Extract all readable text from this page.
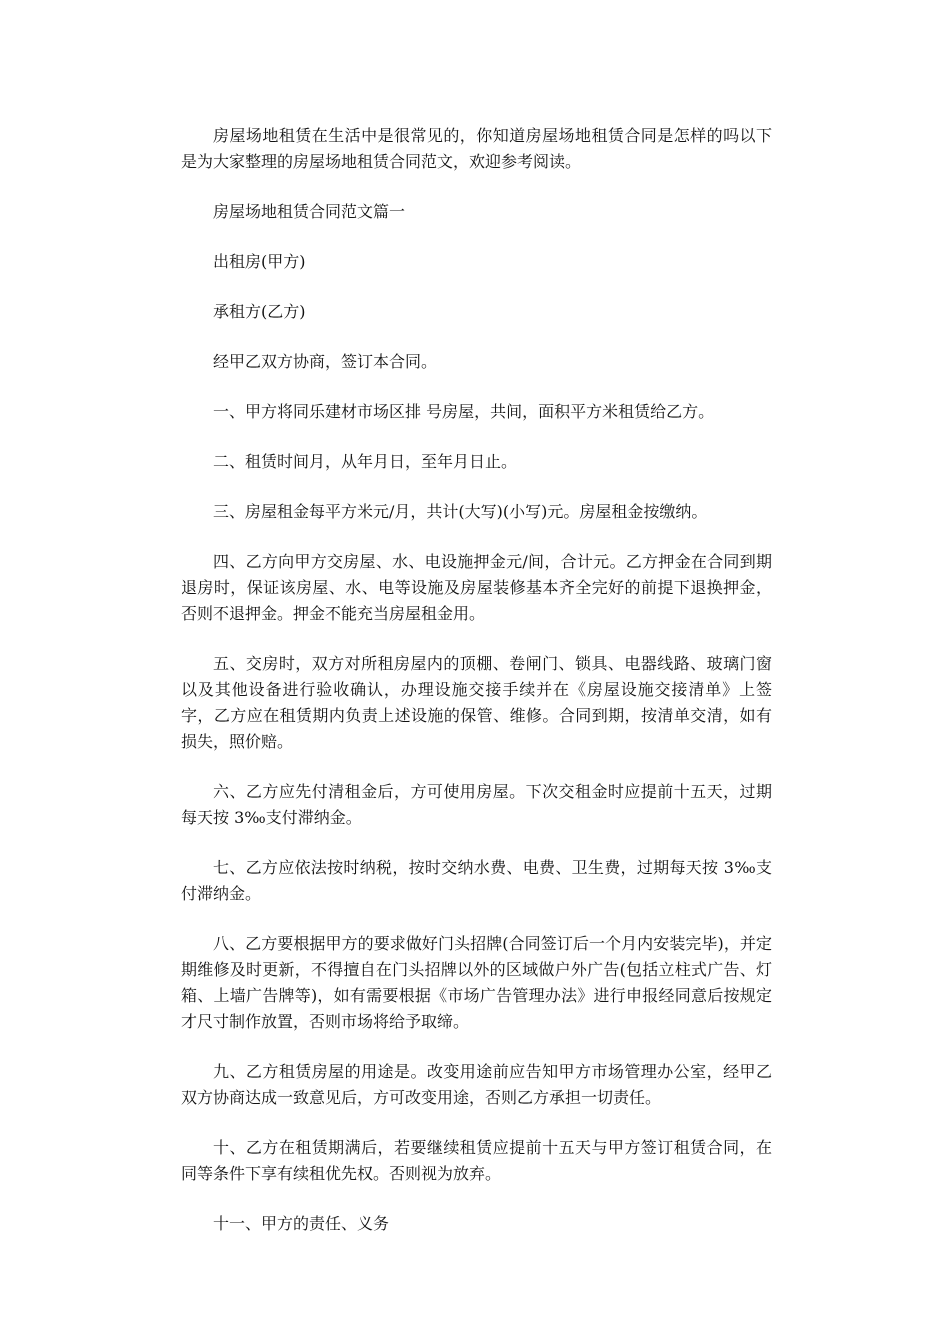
房屋场地租赁在生活中是很常见的，你知道房屋场地租赁合同是怎样的吗以下是为大家整理的房屋场地租赁合同范文，欢迎参考阅读。

房屋场地租赁合同范文篇一

出租房(甲方)

承租方(乙方)

经甲乙双方协商，签订本合同。

一、甲方将同乐建材市场区排 号房屋，共间，面积平方米租赁给乙方。

二、租赁时间月，从年月日，至年月日止。

三、房屋租金每平方米元/月，共计(大写)(小写)元。房屋租金按缴纳。

四、乙方向甲方交房屋、水、电设施押金元/间，合计元。乙方押金在合同到期退房时，保证该房屋、水、电等设施及房屋装修基本齐全完好的前提下退换押金，否则不退押金。押金不能充当房屋租金用。

五、交房时，双方对所租房屋内的顶棚、卷闸门、锁具、电器线路、玻璃门窗以及其他设备进行验收确认，办理设施交接手续并在《房屋设施交接清单》上签字，乙方应在租赁期内负责上述设施的保管、维修。合同到期，按清单交清，如有损失，照价赔。

六、乙方应先付清租金后，方可使用房屋。下次交租金时应提前十五天，过期每天按 3‰支付滞纳金。

七、乙方应依法按时纳税，按时交纳水费、电费、卫生费，过期每天按 3‰支付滞纳金。

八、乙方要根据甲方的要求做好门头招牌(合同签订后一个月内安装完毕)，并定期维修及时更新，不得擅自在门头招牌以外的区域做户外广告(包括立柱式广告、灯箱、上墙广告牌等)，如有需要根据《市场广告管理办法》进行申报经同意后按规定才尺寸制作放置，否则市场将给予取缔。

九、乙方租赁房屋的用途是。改变用途前应告知甲方市场管理办公室，经甲乙双方协商达成一致意见后，方可改变用途，否则乙方承担一切责任。

十、乙方在租赁期满后，若要继续租赁应提前十五天与甲方签订租赁合同，在同等条件下享有续租优先权。否则视为放弃。

十一、甲方的责任、义务
